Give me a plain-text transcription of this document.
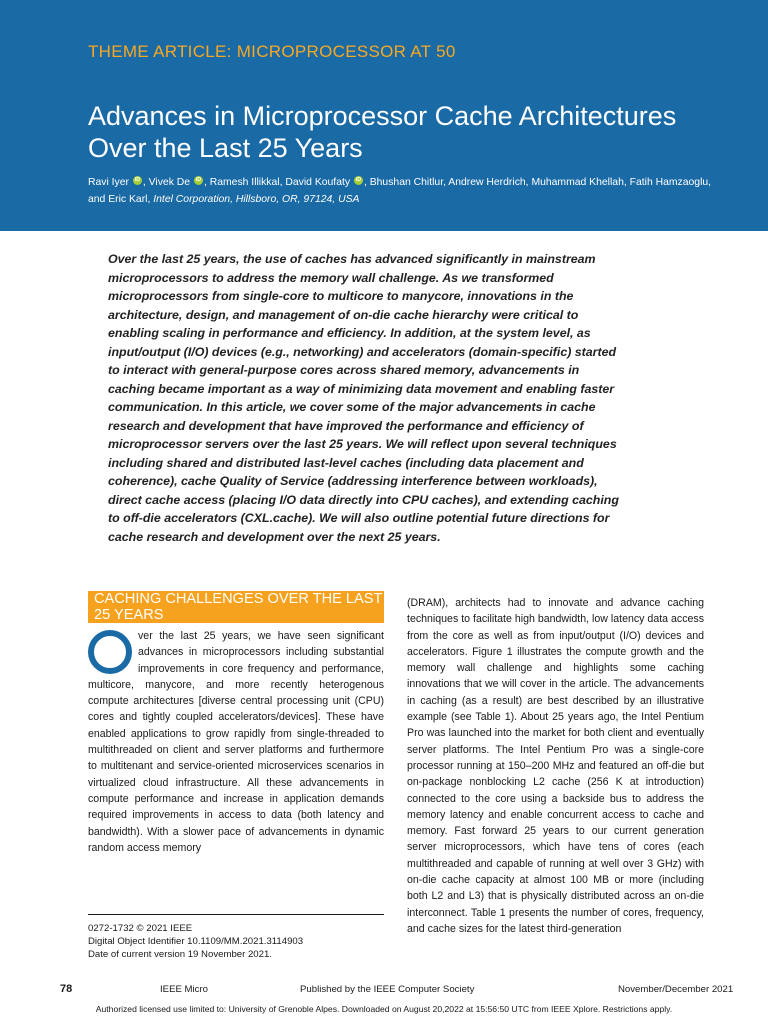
THEME ARTICLE: MICROPROCESSOR AT 50
Advances in Microprocessor Cache Architectures Over the Last 25 Years
Ravi Iyer iD , Vivek De iD , Ramesh Illikkal, David Koufaty iD , Bhushan Chitlur, Andrew Herdrich, Muhammad Khellah, Fatih Hamzaoglu, and Eric Karl, Intel Corporation, Hillsboro, OR, 97124, USA
Over the last 25 years, the use of caches has advanced significantly in mainstream microprocessors to address the memory wall challenge. As we transformed microprocessors from single-core to multicore to manycore, innovations in the architecture, design, and management of on-die cache hierarchy were critical to enabling scaling in performance and efficiency. In addition, at the system level, as input/output (I/O) devices (e.g., networking) and accelerators (domain-specific) started to interact with general-purpose cores across shared memory, advancements in caching became important as a way of minimizing data movement and enabling faster communication. In this article, we cover some of the major advancements in cache research and development that have improved the performance and efficiency of microprocessor servers over the last 25 years. We will reflect upon several techniques including shared and distributed last-level caches (including data placement and coherence), cache Quality of Service (addressing interference between workloads), direct cache access (placing I/O data directly into CPU caches), and extending caching to off-die accelerators (CXL.cache). We will also outline potential future directions for cache research and development over the next 25 years.
CACHING CHALLENGES OVER THE LAST 25 YEARS
ver the last 25 years, we have seen significant advances in microprocessors including substantial improvements in core frequency and performance, multicore, manycore, and more recently heterogenous compute architectures [diverse central processing unit (CPU) cores and tightly coupled accelerators/devices]. These have enabled applications to grow rapidly from single-threaded to multithreaded on client and server platforms and furthermore to multitenant and service-oriented microservices scenarios in virtualized cloud infrastructure. All these advancements in compute performance and increase in application demands required improvements in access to data (both latency and bandwidth). With a slower pace of advancements in dynamic random access memory
(DRAM), architects had to innovate and advance caching techniques to facilitate high bandwidth, low latency data access from the core as well as from input/output (I/O) devices and accelerators. Figure 1 illustrates the compute growth and the memory wall challenge and highlights some caching innovations that we will cover in the article. The advancements in caching (as a result) are best described by an illustrative example (see Table 1). About 25 years ago, the Intel Pentium Pro was launched into the market for both client and eventually server platforms. The Intel Pentium Pro was a single-core processor running at 150–200 MHz and featured an off-die but on-package nonblocking L2 cache (256 K at introduction) connected to the core using a backside bus to address the memory latency and enable concurrent access to cache and memory. Fast forward 25 years to our current generation server microprocessors, which have tens of cores (each multithreaded and capable of running at well over 3 GHz) with on-die cache capacity at almost 100 MB or more (including both L2 and L3) that is physically distributed across an on-die interconnect. Table 1 presents the number of cores, frequency, and cache sizes for the latest third-generation
0272-1732 © 2021 IEEE
Digital Object Identifier 10.1109/MM.2021.3114903
Date of current version 19 November 2021.
78	IEEE Micro	Published by the IEEE Computer Society	November/December 2021
Authorized licensed use limited to: University of Grenoble Alpes. Downloaded on August 20,2022 at 15:56:50 UTC from IEEE Xplore. Restrictions apply.
